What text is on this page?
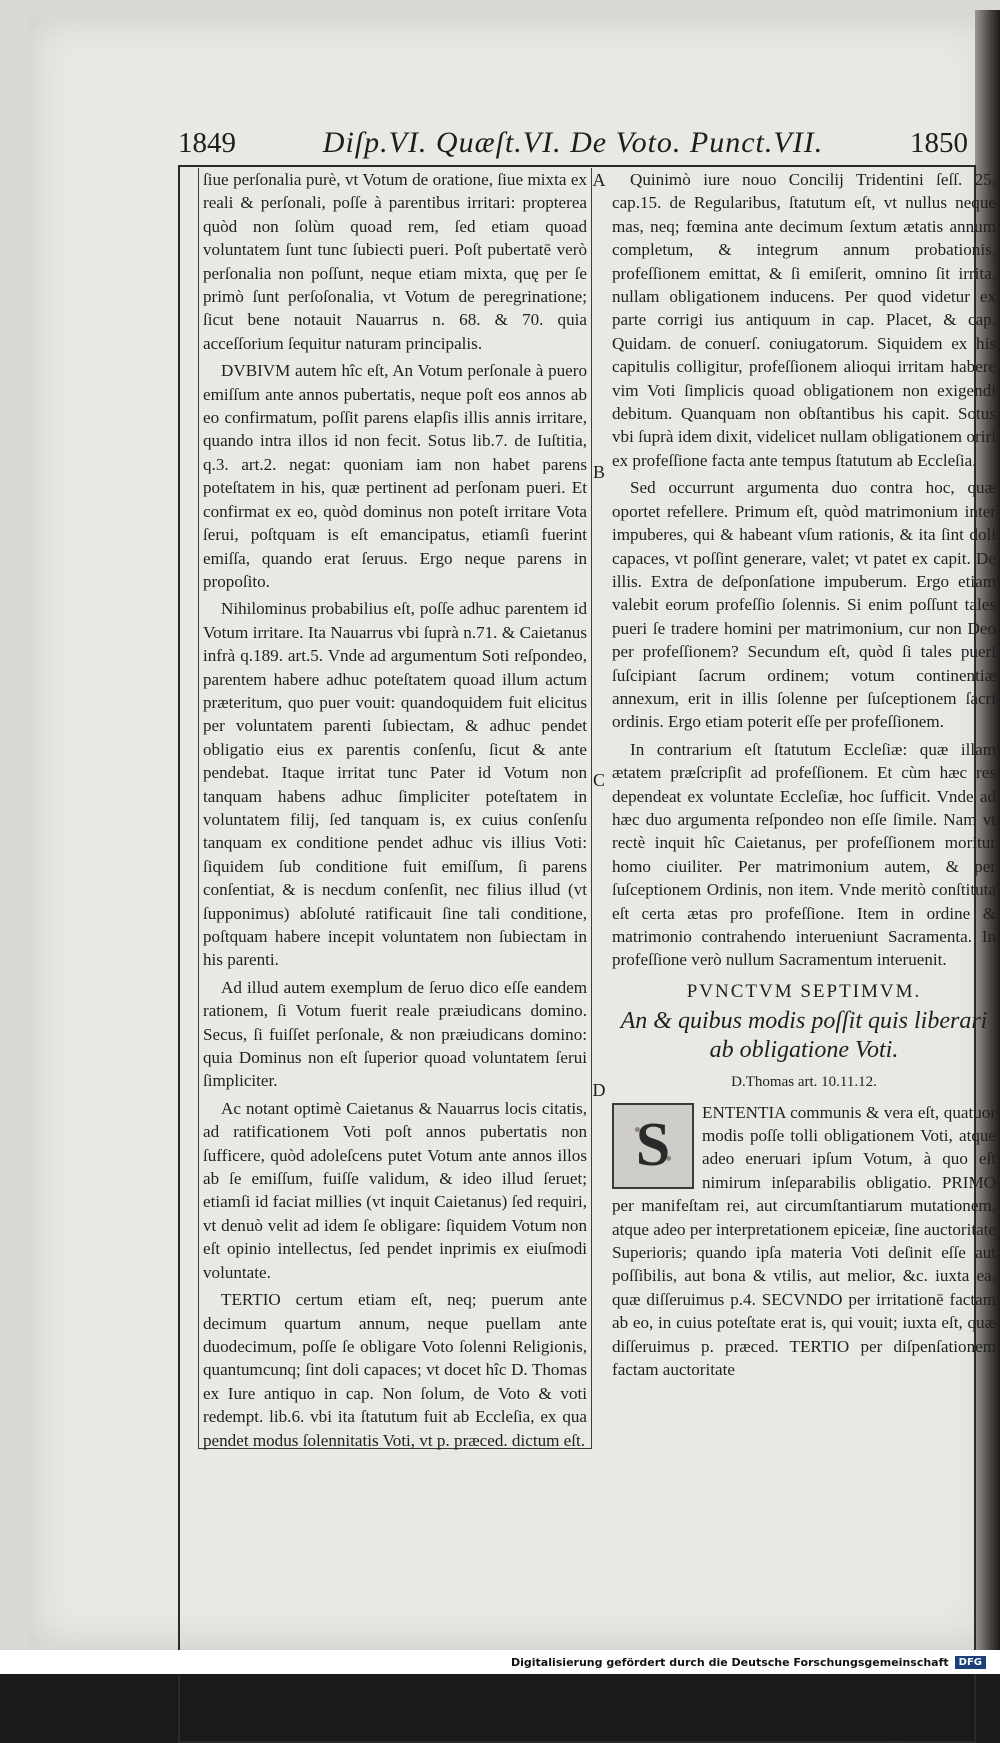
1849	Diſp.VI. Quæſt.VI. De Voto. Punct.VII.	1850
A
B
C
D

ſiue perſonalia purè, vt Votum de oratione, ſiue mixta ex reali & perſonali, poſſe à parentibus irritari: propterea quòd non ſolùm quoad rem, ſed etiam quoad voluntatem ſunt tunc ſubiecti pueri. Poſt pubertatē verò perſonalia non poſſunt, neque etiam mixta, quę per ſe primò ſunt perſoſonalia, vt Votum de peregrinatione; ſicut bene notauit Nauarrus n. 68. & 70. quia acceſſorium ſequitur naturam principalis.

DVBIVM autem hîc eſt, An Votum perſonale à puero emiſſum ante annos pubertatis, neque poſt eos annos ab eo confirmatum, poſſit parens elapſis illis annis irritare, quando intra illos id non fecit. Sotus lib.7. de Iuſtitia, q.3. art.2. negat: quoniam iam non habet parens poteſtatem in his, quæ pertinent ad perſonam pueri. Et confirmat ex eo, quòd dominus non poteſt irritare Vota ſerui, poſtquam is eſt emancipatus, etiamſi fuerint emiſſa, quando erat ſeruus. Ergo neque parens in propoſito.

Nihilominus probabilius eſt, poſſe adhuc parentem id Votum irritare. Ita Nauarrus vbi ſuprà n.71. & Caietanus infrà q.189. art.5. Vnde ad argumentum Soti reſpondeo, parentem habere adhuc poteſtatem quoad illum actum præteritum, quo puer vouit: quandoquidem fuit elicitus per voluntatem parenti ſubiectam, & adhuc pendet obligatio eius ex parentis conſenſu, ſicut & ante pendebat. Itaque irritat tunc Pater id Votum non tanquam habens adhuc ſimpliciter poteſtatem in voluntatem filij, ſed tanquam is, ex cuius conſenſu tanquam ex conditione pendet adhuc vis illius Voti: ſiquidem ſub conditione fuit emiſſum, ſi parens conſentiat, & is necdum conſenſit, nec filius illud (vt ſupponimus) abſoluté ratificauit ſine tali conditione, poſtquam habere incepit voluntatem non ſubiectam in his parenti.

Ad illud autem exemplum de ſeruo dico eſſe eandem rationem, ſi Votum fuerit reale præiudicans domino. Secus, ſi fuiſſet perſonale, & non præiudicans domino: quia Dominus non eſt ſuperior quoad voluntatem ſerui ſimpliciter.

Ac notant optimè Caietanus & Nauarrus locis citatis, ad ratificationem Voti poſt annos pubertatis non ſufficere, quòd adoleſcens putet Votum ante annos illos ab ſe emiſſum, fuiſſe validum, & ideo illud ſeruet; etiamſi id faciat millies (vt inquit Caietanus) ſed requiri, vt denuò velit ad idem ſe obligare: ſiquidem Votum non eſt opinio intellectus, ſed pendet inprimis ex eiuſmodi voluntate.

TERTIO certum etiam eſt, neq; puerum ante decimum quartum annum, neque puellam ante duodecimum, poſſe ſe obligare Voto ſolenni Religionis, quantumcunq; ſint doli capaces; vt docet hîc D. Thomas ex Iure antiquo in cap. Non ſolum, de Voto & voti redempt. lib.6. vbi ita ſtatutum fuit ab Eccleſia, ex qua pendet modus ſolennitatis Voti, vt p. præced. dictum eſt.

Quinimò iure nouo Concilij Tridentini ſeſſ. 25. cap.15. de Regularibus, ſtatutum eſt, vt nullus neque mas, neq; fœmina ante decimum ſextum ætatis annum completum, & integrum annum probationis, profeſſionem emittat, & ſi emiſerit, omnino ſit irrita, nullam obligationem inducens. Per quod videtur ex parte corrigi ius antiquum in cap. Placet, & cap. Quidam. de conuerſ. coniugatorum. Siquidem ex his capitulis colligitur, profeſſionem alioqui irritam habere vim Voti ſimplicis quoad obligationem non exigendi debitum. Quanquam non obſtantibus his capit. Sotus vbi ſuprà idem dixit, videlicet nullam obligationem oriri ex profeſſione facta ante tempus ſtatutum ab Eccleſia.

Sed occurrunt argumenta duo contra hoc, quæ oportet refellere. Primum eſt, quòd matrimonium inter impuberes, qui & habeant vſum rationis, & ita ſint doli capaces, vt poſſint generare, valet; vt patet ex capit. De illis. Extra de deſponſatione impuberum. Ergo etiam valebit eorum profeſſio ſolennis. Si enim poſſunt tales pueri ſe tradere homini per matrimonium, cur non Deo per profeſſionem? Secundum eſt, quòd ſi tales pueri ſuſcipiant ſacrum ordinem; votum continentiæ annexum, erit in illis ſolenne per ſuſceptionem ſacri ordinis. Ergo etiam poterit eſſe per profeſſionem.

In contrarium eſt ſtatutum Eccleſiæ: quæ illam ætatem præſcripſit ad profeſſionem. Et cùm hæc res dependeat ex voluntate Eccleſiæ, hoc ſufficit. Vnde ad hæc duo argumenta reſpondeo non eſſe ſimile. Nam vt rectè inquit hîc Caietanus, per profeſſionem moritur homo ciuiliter. Per matrimonium autem, & per ſuſceptionem Ordinis, non item. Vnde meritò conſtituta eſt certa ætas pro profeſſione. Item in ordine & matrimonio contrahendo interueniunt Sacramenta. In profeſſione verò nullum Sacramentum interuenit.

PVNCTVM SEPTIMVM.
An & quibus modis poſſit quis liberari ab obligatione Voti.
D.Thomas art. 10.11.12.
S	ENTENTIA communis & vera eſt, quatuor modis poſſe tolli obligationem Voti, atque adeo eneruari ipſum Votum, à quo eſt nimirum inſeparabilis obligatio. PRIMO per manifeſtam rei, aut circumſtantiarum mutationem, atque adeo per interpretationem epiceiæ, ſine auctoritate Superioris; quando ipſa materia Voti deſinit eſſe aut poſſibilis, aut bona & vtilis, aut melior, &c. iuxta ea, quæ diſſeruimus p.4. SECVNDO per irritationē factam ab eo, in cuius poteſtate erat is, qui vouit; iuxta eſt, quæ diſſeruimus p. præced. TERTIO per diſpenſationem factam auctoritate

ſuperioris.
Digitalisierung gefördert durch die Deutsche Forschungsgemeinschaft	DFG
